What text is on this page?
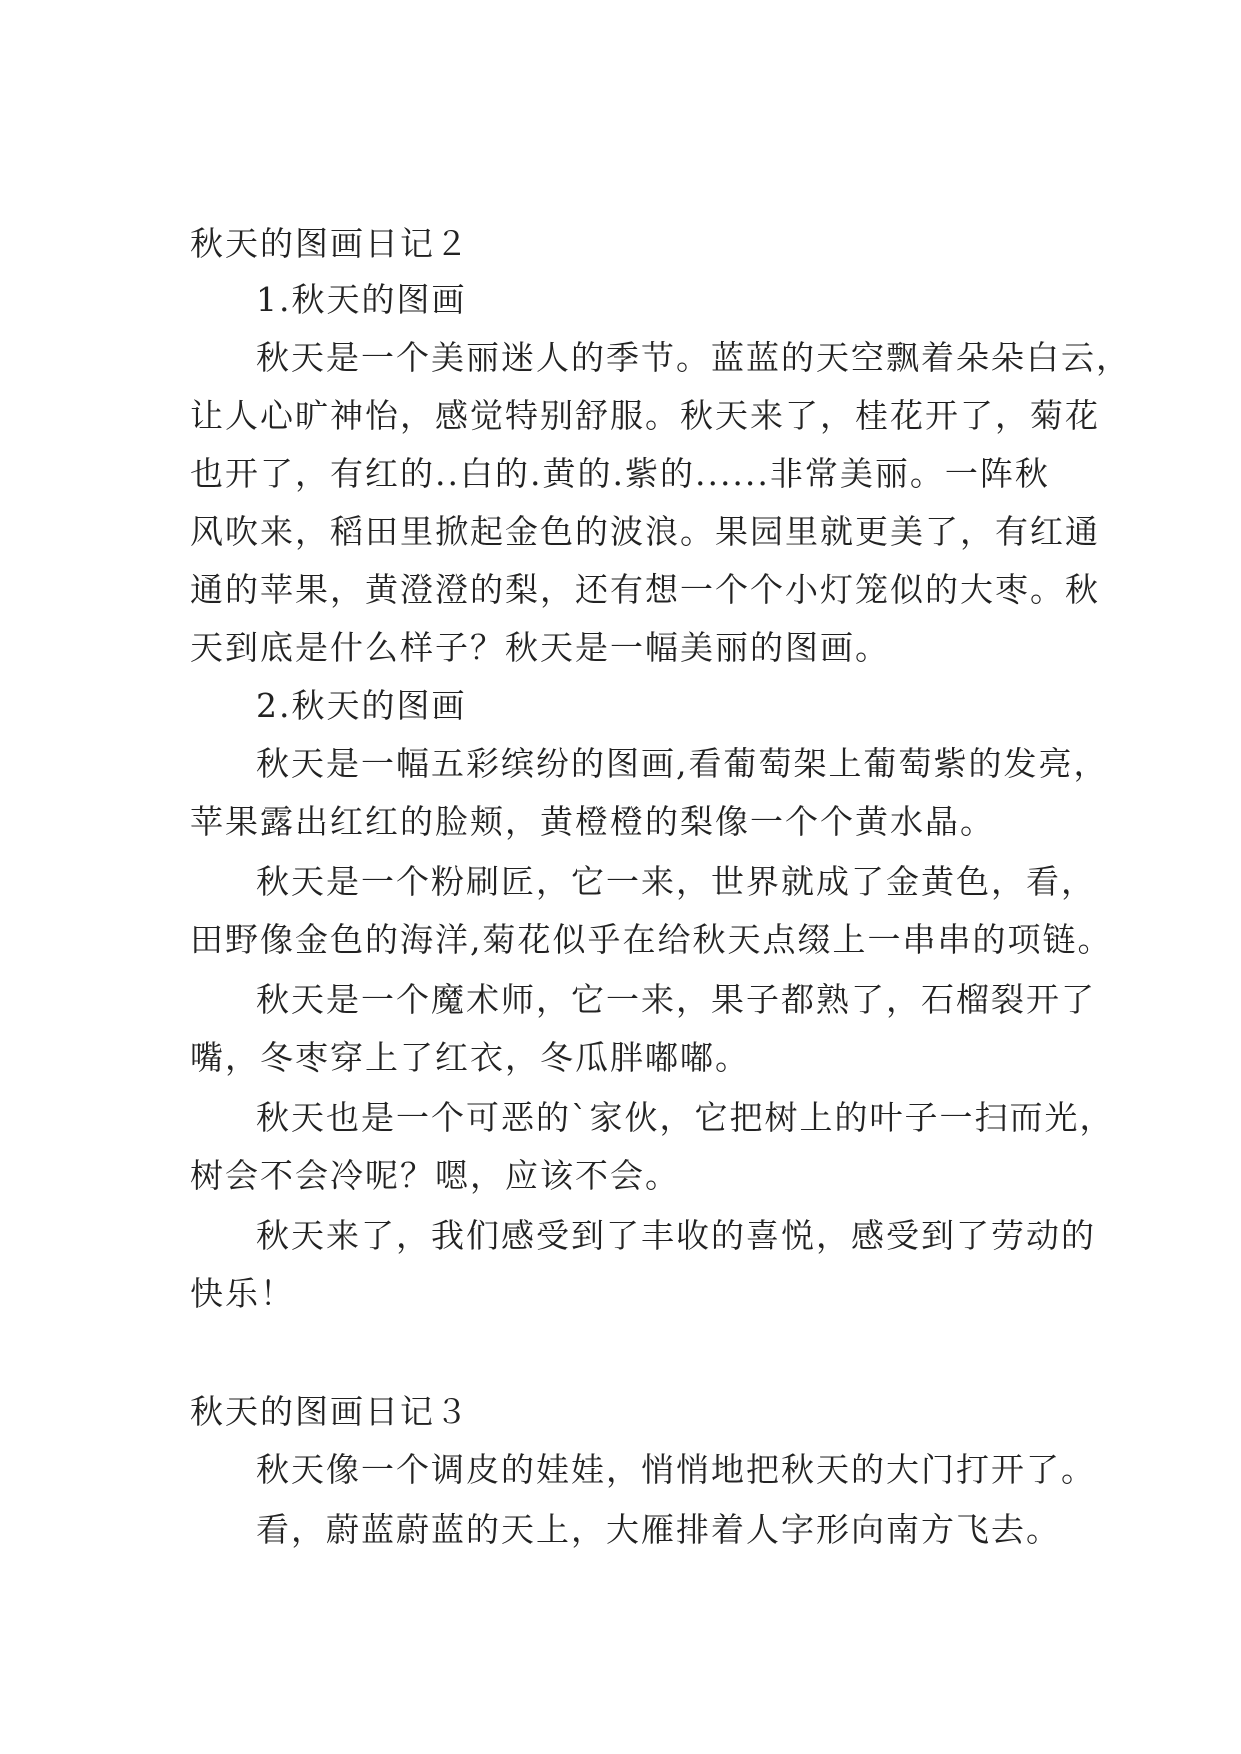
秋天的图画日记２
1.秋天的图画
秋天是一个美丽迷人的季节。蓝蓝的天空飘着朵朵白云，
让人心旷神怡，感觉特别舒服。秋天来了，桂花开了，菊花
也开了，有红的..白的.黄的.紫的......非常美丽。一阵秋
风吹来，稻田里掀起金色的波浪。果园里就更美了，有红通
通的苹果，黄澄澄的梨，还有想一个个小灯笼似的大枣。秋
天到底是什么样子？秋天是一幅美丽的图画。
2.秋天的图画
秋天是一幅五彩缤纷的图画,看葡萄架上葡萄紫的发亮，
苹果露出红红的脸颊，黄橙橙的梨像一个个黄水晶。
秋天是一个粉刷匠，它一来，世界就成了金黄色，看，
田野像金色的海洋,菊花似乎在给秋天点缀上一串串的项链。
秋天是一个魔术师，它一来，果子都熟了，石榴裂开了
嘴，冬枣穿上了红衣，冬瓜胖嘟嘟。
秋天也是一个可恶的`家伙，它把树上的叶子一扫而光，
树会不会冷呢？嗯，应该不会。
秋天来了，我们感受到了丰收的喜悦，感受到了劳动的
快乐！
秋天的图画日记３
秋天像一个调皮的娃娃，悄悄地把秋天的大门打开了。
看，蔚蓝蔚蓝的天上，大雁排着人字形向南方飞去。
